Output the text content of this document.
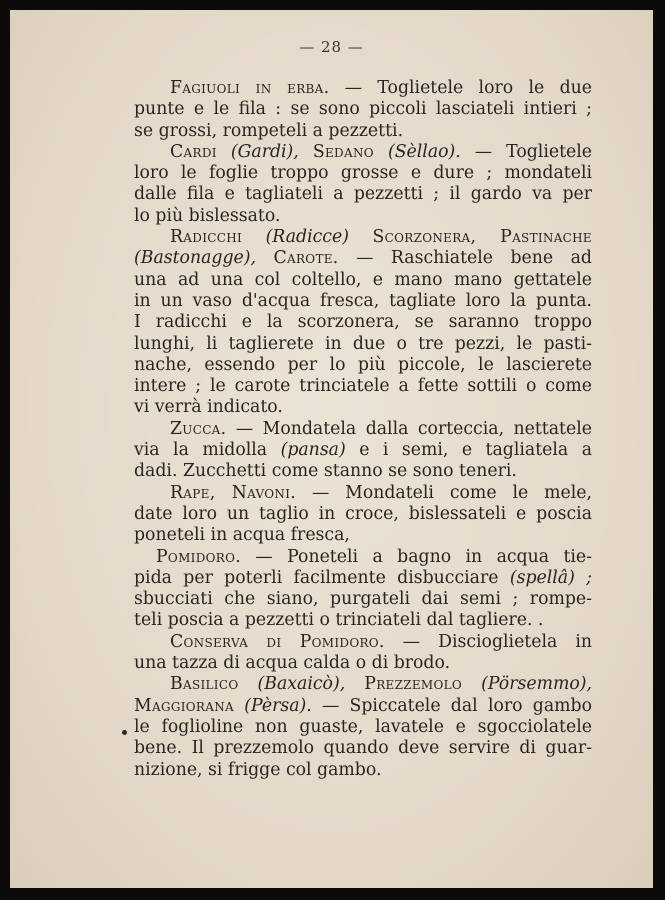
— 28 —
Fagiuoli in erba. — Toglietele loro le due
punte e le fila : se sono piccoli lasciateli intieri ;
se grossi, rompeteli a pezzetti.
Cardi (Gardi), Sedano (Sèllao). — Toglietele
loro le foglie troppo grosse e dure ; mondateli
dalle fila e tagliateli a pezzetti ; il gardo va per
lo più bislessato.
Radicchi (Radicce) Scorzonera, Pastinache
(Bastonagge), Carote. — Raschiatele bene ad
una ad una col coltello, e mano mano gettatele
in un vaso d'acqua fresca, tagliate loro la punta.
I radicchi e la scorzonera, se saranno troppo
lunghi, li taglierete in due o tre pezzi, le pasti-
nache, essendo per lo più piccole, le lascierete
intere ; le carote trinciatele a fette sottili o come
vi verrà indicato.
Zucca. — Mondatela dalla corteccia, nettatele
via la midolla (pansa) e i semi, e tagliatela a
dadi. Zucchetti come stanno se sono teneri.
Rape, Navoni. — Mondateli come le mele,
date loro un taglio in croce, bislessateli e poscia
poneteli in acqua fresca,
Pomidoro. — Poneteli a bagno in acqua tie-
pida per poterli facilmente disbucciare (spellâ) ;
sbucciati che siano, purgateli dai semi ; rompe-
teli poscia a pezzetti o trinciateli dal tagliere. .
Conserva di Pomidoro. — Discioglietela in
una tazza di acqua calda o di brodo.
Basilico (Baxaicò), Prezzemolo (Pörsemmo),
Maggiorana (Pèrsa). — Spiccatele dal loro gambo
le foglioline non guaste, lavatele e sgocciolatele
bene. Il prezzemolo quando deve servire di guar-
nizione, si frigge col gambo.
